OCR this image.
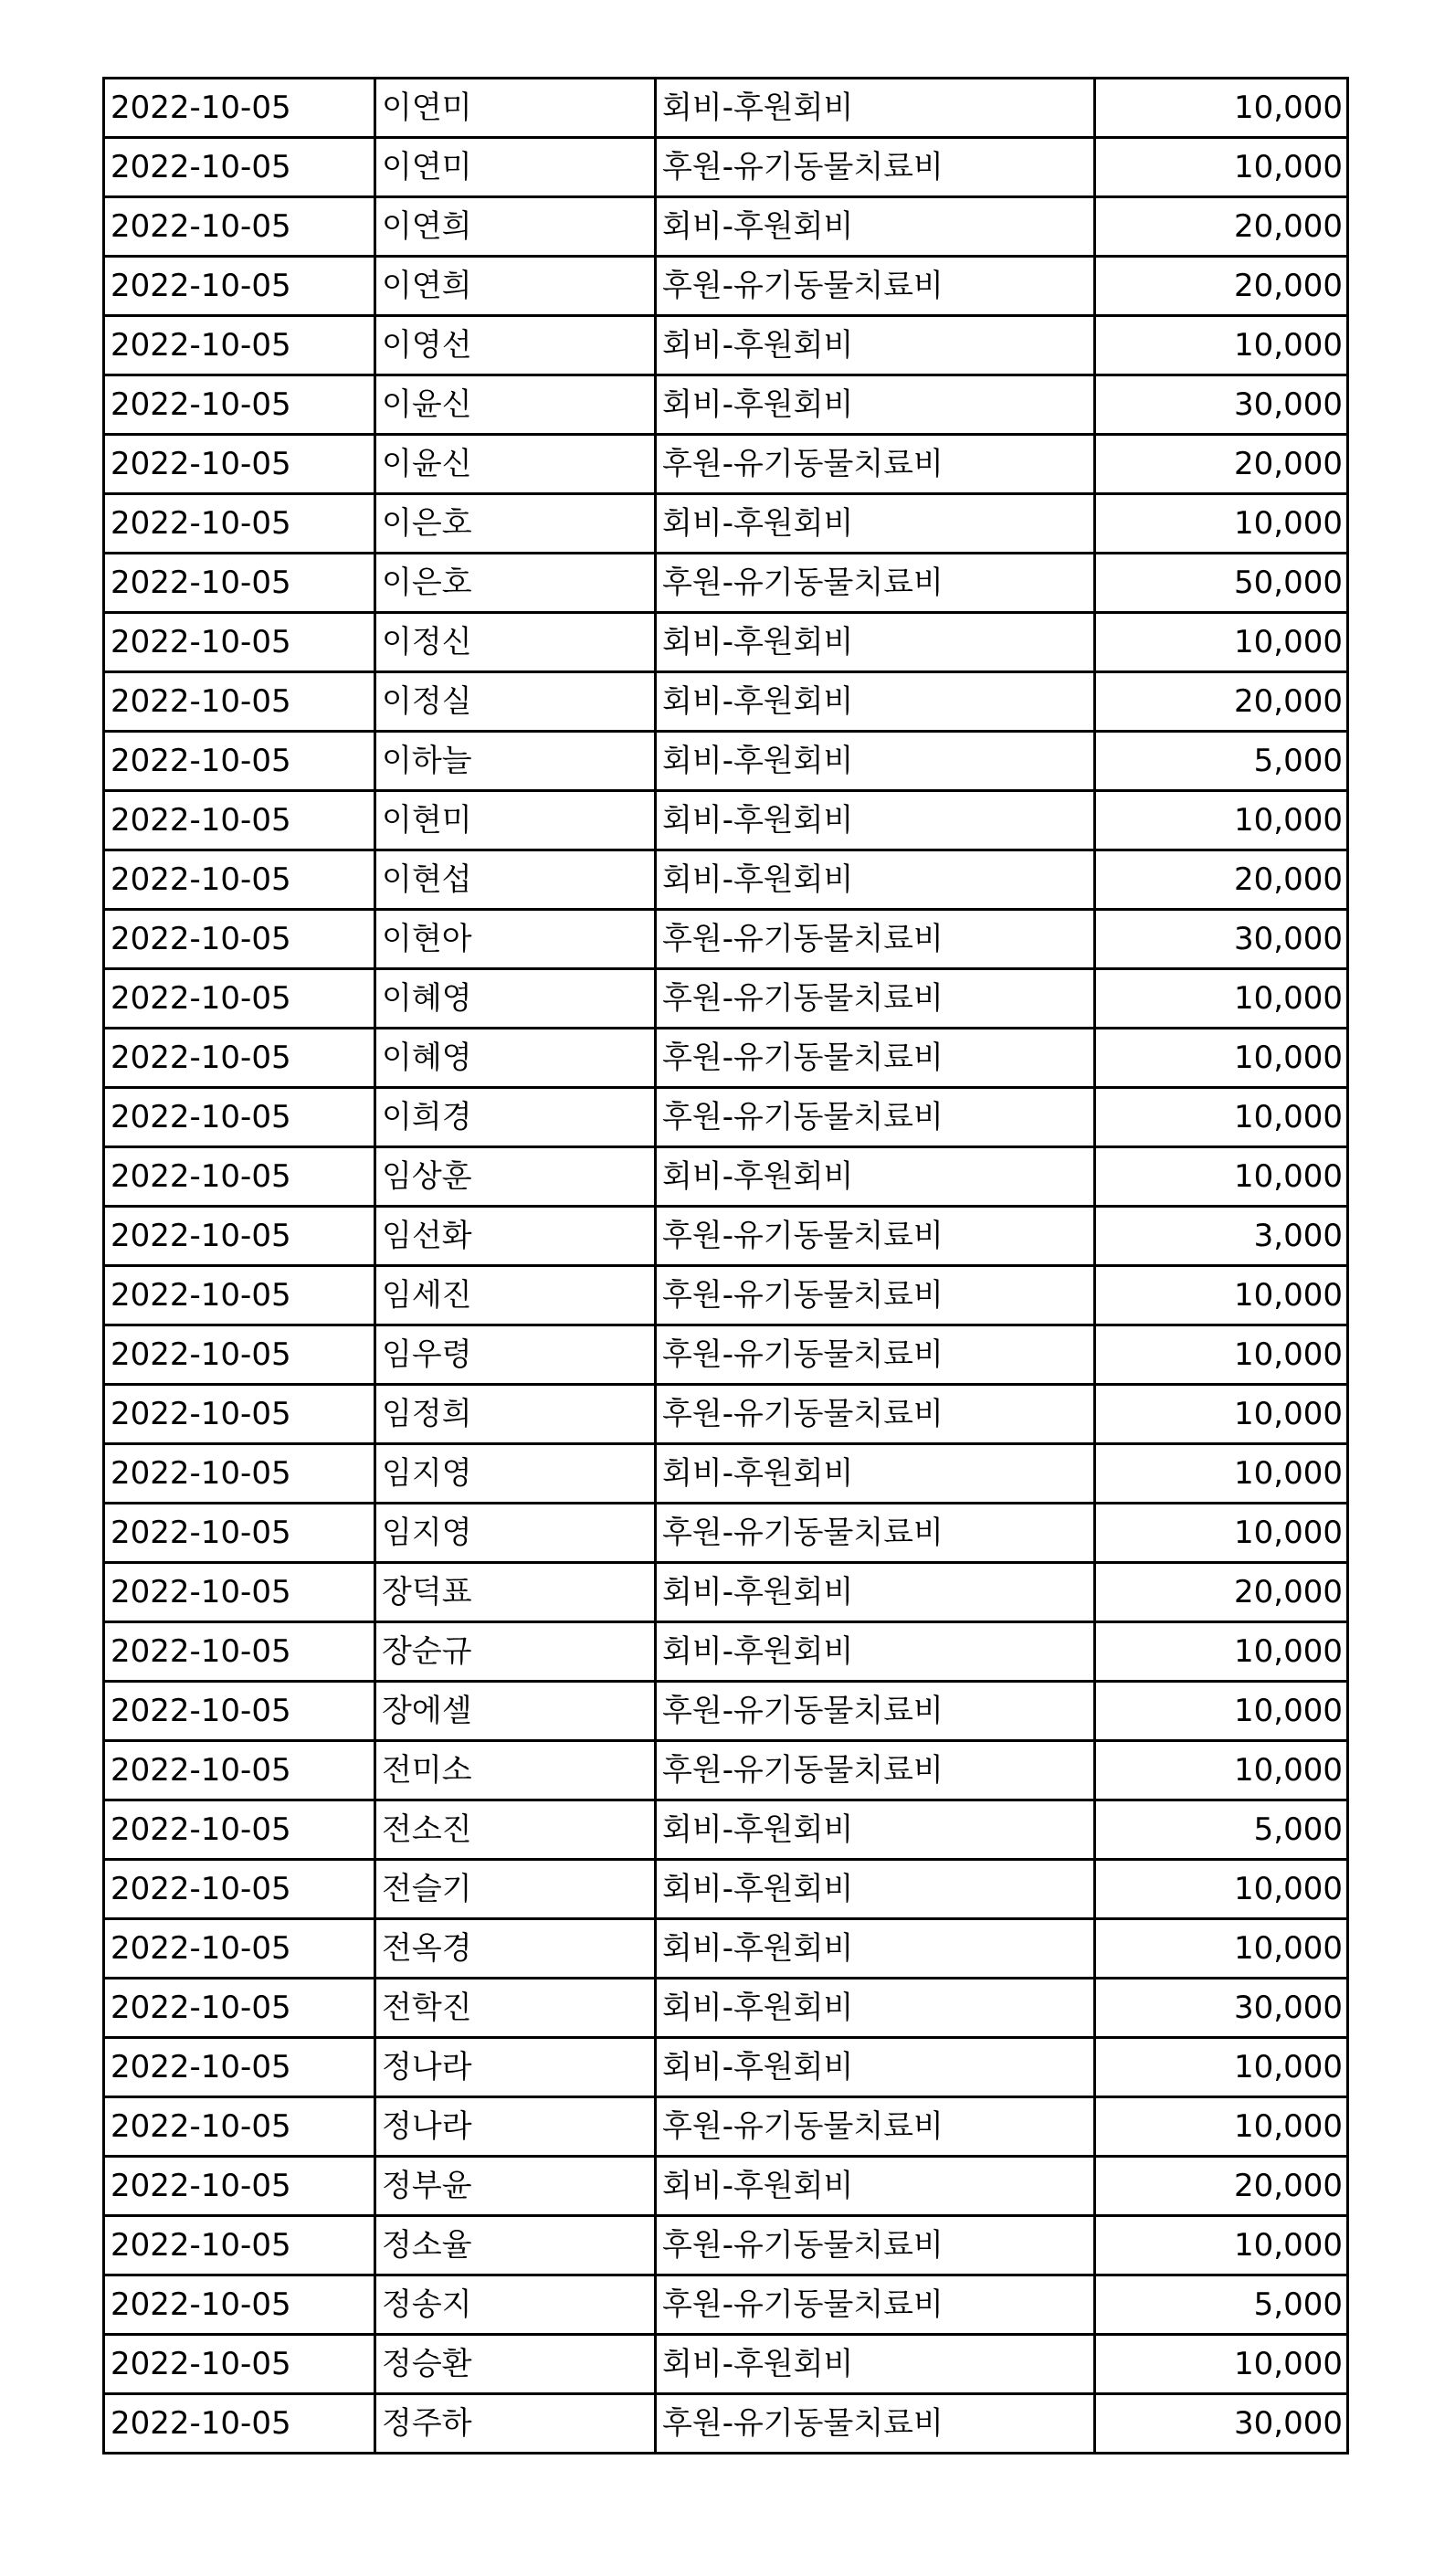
2022-10-05	이연미	회비-후원회비	10,000
2022-10-05	이연미	후원-유기동물치료비	10,000
2022-10-05	이연희	회비-후원회비	20,000
2022-10-05	이연희	후원-유기동물치료비	20,000
2022-10-05	이영선	회비-후원회비	10,000
2022-10-05	이윤신	회비-후원회비	30,000
2022-10-05	이윤신	후원-유기동물치료비	20,000
2022-10-05	이은호	회비-후원회비	10,000
2022-10-05	이은호	후원-유기동물치료비	50,000
2022-10-05	이정신	회비-후원회비	10,000
2022-10-05	이정실	회비-후원회비	20,000
2022-10-05	이하늘	회비-후원회비	5,000
2022-10-05	이현미	회비-후원회비	10,000
2022-10-05	이현섭	회비-후원회비	20,000
2022-10-05	이현아	후원-유기동물치료비	30,000
2022-10-05	이혜영	후원-유기동물치료비	10,000
2022-10-05	이혜영	후원-유기동물치료비	10,000
2022-10-05	이희경	후원-유기동물치료비	10,000
2022-10-05	임상훈	회비-후원회비	10,000
2022-10-05	임선화	후원-유기동물치료비	3,000
2022-10-05	임세진	후원-유기동물치료비	10,000
2022-10-05	임우령	후원-유기동물치료비	10,000
2022-10-05	임정희	후원-유기동물치료비	10,000
2022-10-05	임지영	회비-후원회비	10,000
2022-10-05	임지영	후원-유기동물치료비	10,000
2022-10-05	장덕표	회비-후원회비	20,000
2022-10-05	장순규	회비-후원회비	10,000
2022-10-05	장에셀	후원-유기동물치료비	10,000
2022-10-05	전미소	후원-유기동물치료비	10,000
2022-10-05	전소진	회비-후원회비	5,000
2022-10-05	전슬기	회비-후원회비	10,000
2022-10-05	전옥경	회비-후원회비	10,000
2022-10-05	전학진	회비-후원회비	30,000
2022-10-05	정나라	회비-후원회비	10,000
2022-10-05	정나라	후원-유기동물치료비	10,000
2022-10-05	정부윤	회비-후원회비	20,000
2022-10-05	정소율	후원-유기동물치료비	10,000
2022-10-05	정송지	후원-유기동물치료비	5,000
2022-10-05	정승환	회비-후원회비	10,000
2022-10-05	정주하	후원-유기동물치료비	30,000
